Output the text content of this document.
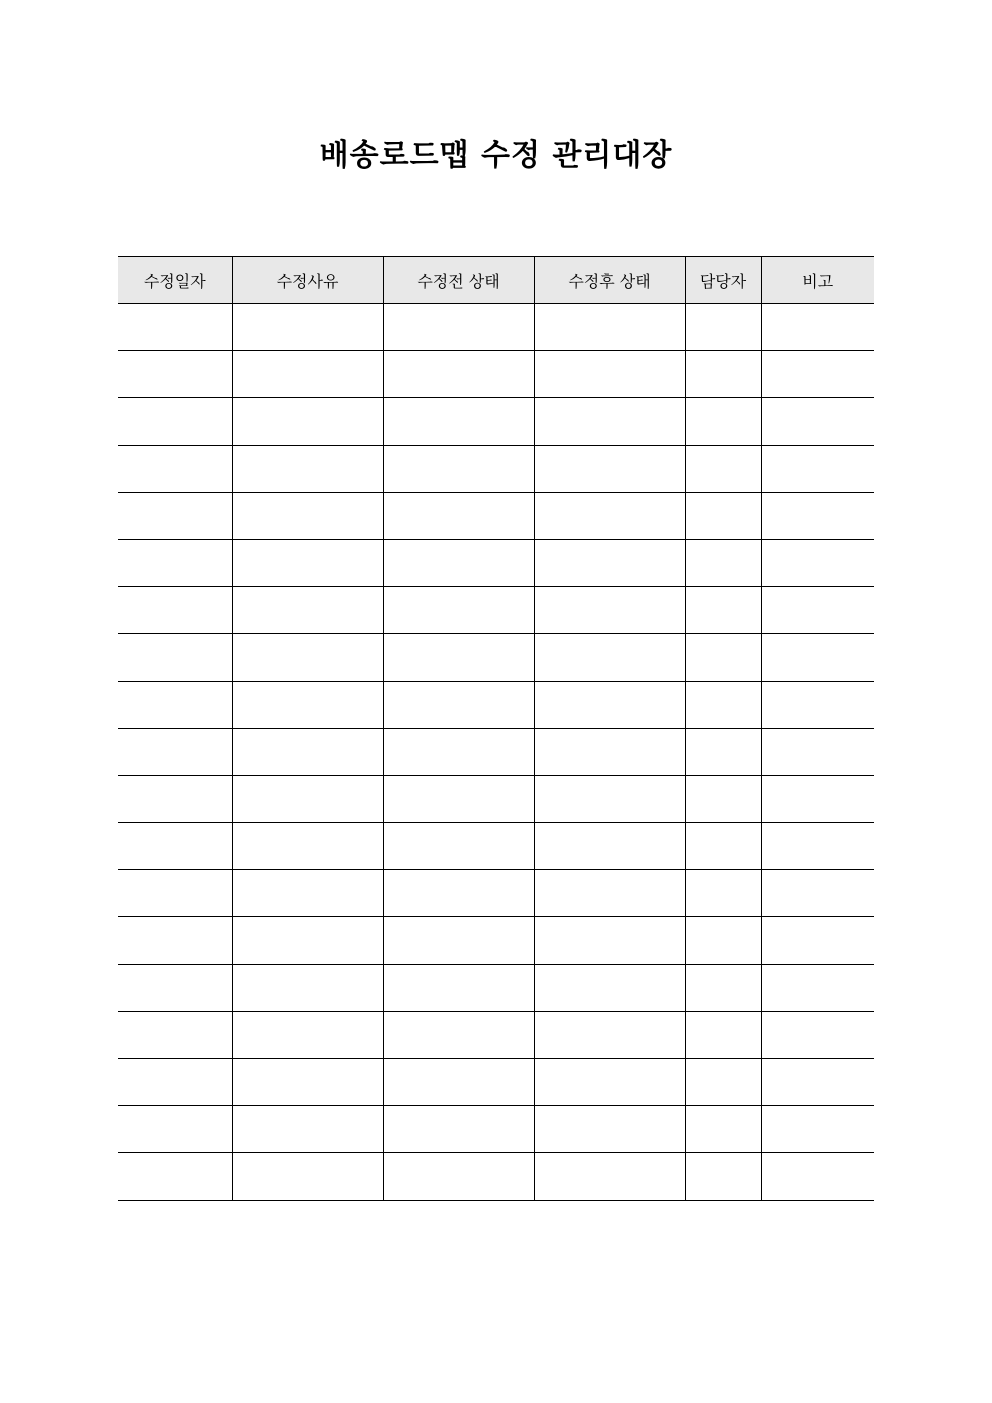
배송로드맵 수정 관리대장
수정일자	수정사유	수정전 상태	수정후 상태	담당자	비고
